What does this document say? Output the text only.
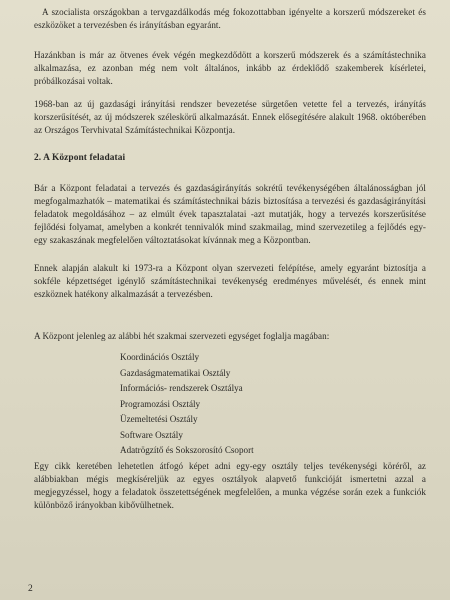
A szocialista országokban a tervgazdálkodás még fokozottabban igényelte a korszerű módszereket és eszközöket a tervezésben és irányításban egyaránt.

Hazánkban is már az ötvenes évek végén megkezdődött a korszerű módszerek és a számítástechnika alkalmazása, ez azonban még nem volt általános, inkább az érdeklődő szakemberek kísérletei, próbálkozásai voltak.

1968-ban az új gazdasági irányítási rendszer bevezetése sürgetően vetette fel a tervezés, irányítás korszerűsítését, az új módszerek széleskörű alkalmazását. Ennek elősegítésére alakult 1968. októberében az Országos Tervhivatal Számítástechnikai Központja.

2. A Központ feladatai

Bár a Központ feladatai a tervezés és gazdaságirányítás sokrétű tevékenységében általánosságban jól megfogalmazhatók – matematikai és számítástechnikai bázis biztosítása a tervezési és gazdaságirányítási feladatok megoldásához – az elmúlt évek tapasztalatai -azt mutatják, hogy a tervezés korszerűsítése fejlődési folyamat, amelyben a konkrét tennivalók mind szakmailag, mind szervezetileg a fejlődés egy-egy szakaszának megfelelően változtatásokat kívánnak meg a Központban.

Ennek alapján alakult ki 1973-ra a Központ olyan szervezeti felépítése, amely egyaránt biztosítja a sokféle képzettséget igénylő számítástechnikai tevékenység eredményes művelését, és ennek mint eszköznek hatékony alkalmazását a tervezésben.

A Központ jelenleg az alábbi hét szakmai szervezeti egységet foglalja magában:

Koordinációs Osztály
Gazdaságmatematikai Osztály
Információs- rendszerek Osztálya
Programozási Osztály
Üzemeltetési Osztály
Software Osztály
Adatrögzítő és Sokszorosító Csoport

Egy cikk keretében lehetetlen átfogó képet adni egy-egy osztály teljes tevékenységi köréről, az alábbiakban mégis megkíséreljük az egyes osztályok alapvető funkcióját ismertetni azzal a megjegyzéssel, hogy a feladatok összetettségének megfelelően, a munka végzése során ezek a funkciók különböző irányokban kibővülhetnek.

2
